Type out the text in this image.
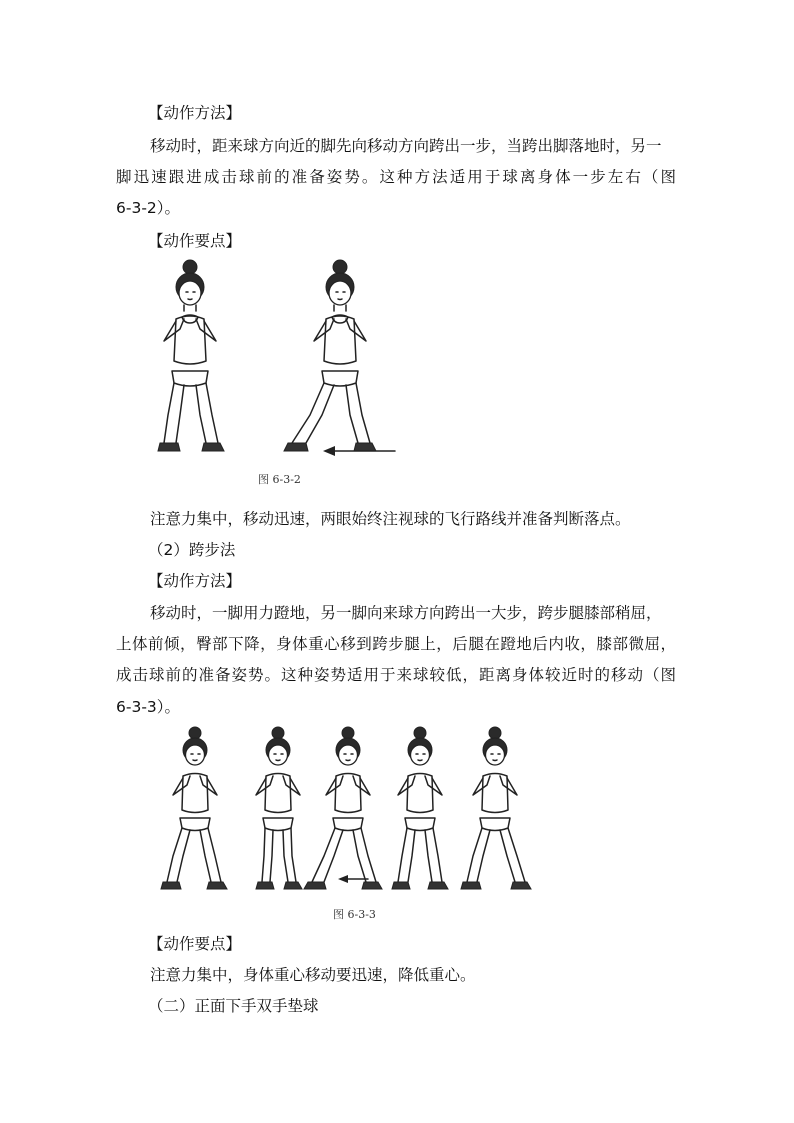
【动作方法】
移动时，距来球方向近的脚先向移动方向跨出一步，当跨出脚落地时，另一
脚迅速跟进成击球前的准备姿势。这种方法适用于球离身体一步左右（图
6-3-2）。
【动作要点】
图 6-3-2
注意力集中，移动迅速，两眼始终注视球的飞行路线并准备判断落点。
（2）跨步法
【动作方法】
移动时，一脚用力蹬地，另一脚向来球方向跨出一大步，跨步腿膝部稍屈，
上体前倾，臀部下降，身体重心移到跨步腿上，后腿在蹬地后内收，膝部微屈，
成击球前的准备姿势。这种姿势适用于来球较低，距离身体较近时的移动（图
6-3-3）。
图 6-3-3
【动作要点】
注意力集中，身体重心移动要迅速，降低重心。
（二）正面下手双手垫球
